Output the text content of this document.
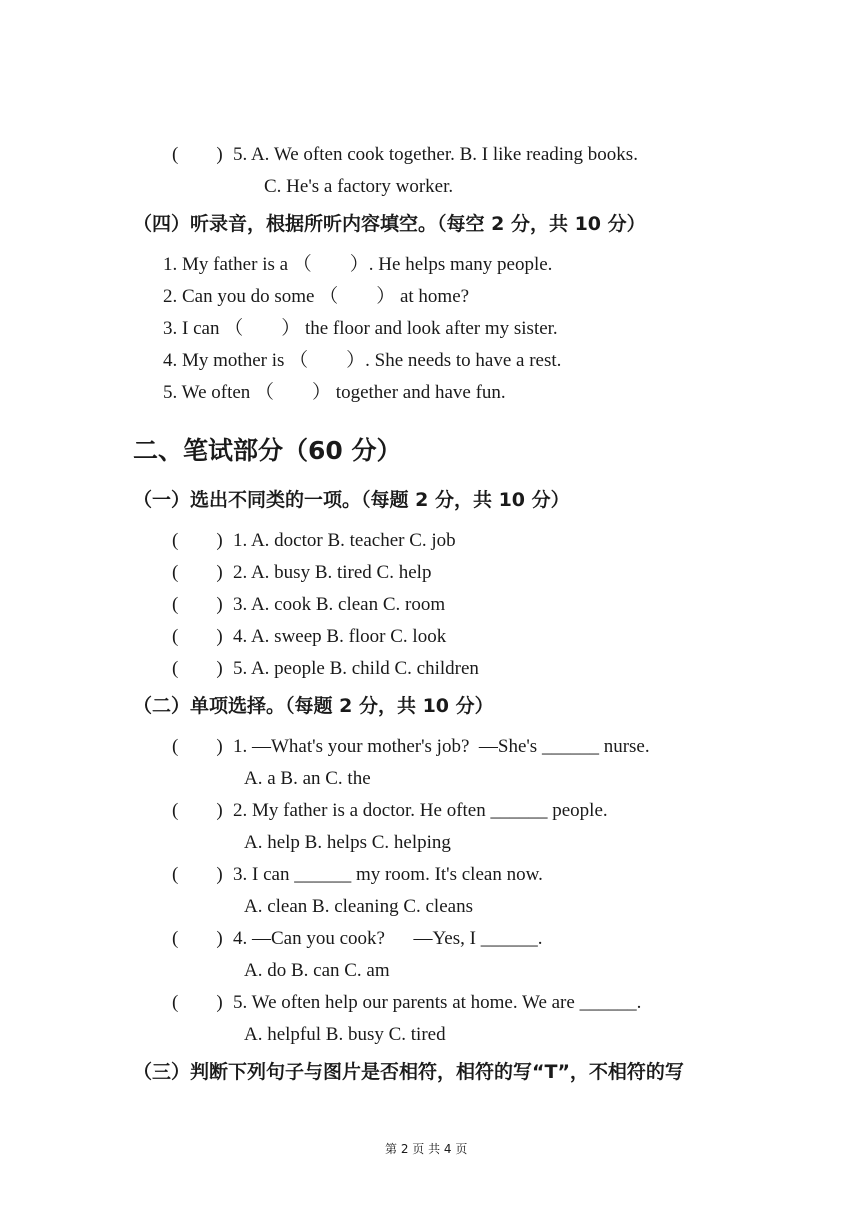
(　　) 5. A. We often cook together. B. I like reading books.
C. He's a factory worker.
（四）听录音，根据所听内容填空。（每空 2 分，共 10 分）
1. My father is a （　　）. He helps many people.
2. Can you do some （　　） at home?
3. I can （　　） the floor and look after my sister.
4. My mother is （　　）. She needs to have a rest.
5. We often （　　） together and have fun.
二、笔试部分（60 分）
（一）选出不同类的一项。（每题 2 分，共 10 分）
(　　) 1. A. doctor B. teacher C. job
(　　) 2. A. busy B. tired C. help
(　　) 3. A. cook B. clean C. room
(　　) 4. A. sweep B. floor C. look
(　　) 5. A. people B. child C. children
（二）单项选择。（每题 2 分，共 10 分）
(　　) 1. —What's your mother's job?  —She's ______ nurse.
A. a B. an C. the
(　　) 2. My father is a doctor. He often ______ people.
A. help B. helps C. helping
(　　) 3. I can ______ my room. It's clean now.
A. clean B. cleaning C. cleans
(　　) 4. —Can you cook?      —Yes, I ______.
A. do B. can C. am
(　　) 5. We often help our parents at home. We are ______.
A. helpful B. busy C. tired
（三）判断下列句子与图片是否相符，相符的写“T”，不相符的写
第 2 页 共 4 页
